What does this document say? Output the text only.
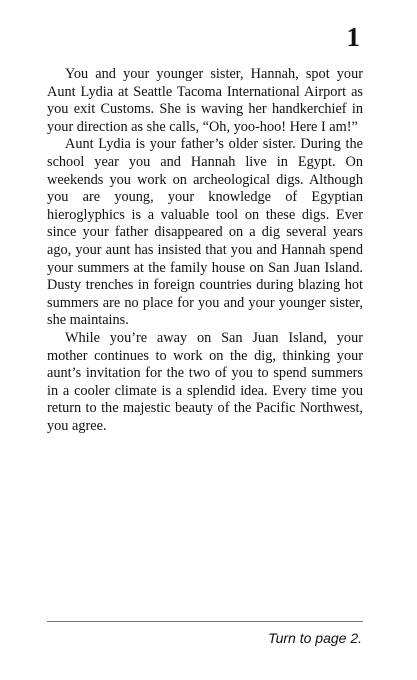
1

You and your younger sister, Hannah, spot your Aunt Lydia at Seattle Tacoma International Airport as you exit Customs. She is waving her handkerchief in your direction as she calls, “Oh, yoo-hoo! Here I am!”

Aunt Lydia is your father’s older sister. During the school year you and Hannah live in Egypt. On weekends you work on archeological digs. Although you are young, your knowledge of Egyptian hieroglyphics is a valuable tool on these digs. Ever since your father disappeared on a dig several years ago, your aunt has insisted that you and Hannah spend your summers at the family house on San Juan Island. Dusty trenches in foreign countries during blazing hot summers are no place for you and your younger sister, she maintains.

While you’re away on San Juan Island, your mother continues to work on the dig, thinking your aunt’s invitation for the two of you to spend summers in a cooler climate is a splendid idea. Every time you return to the majestic beauty of the Pacific Northwest, you agree.

Turn to page 2.
